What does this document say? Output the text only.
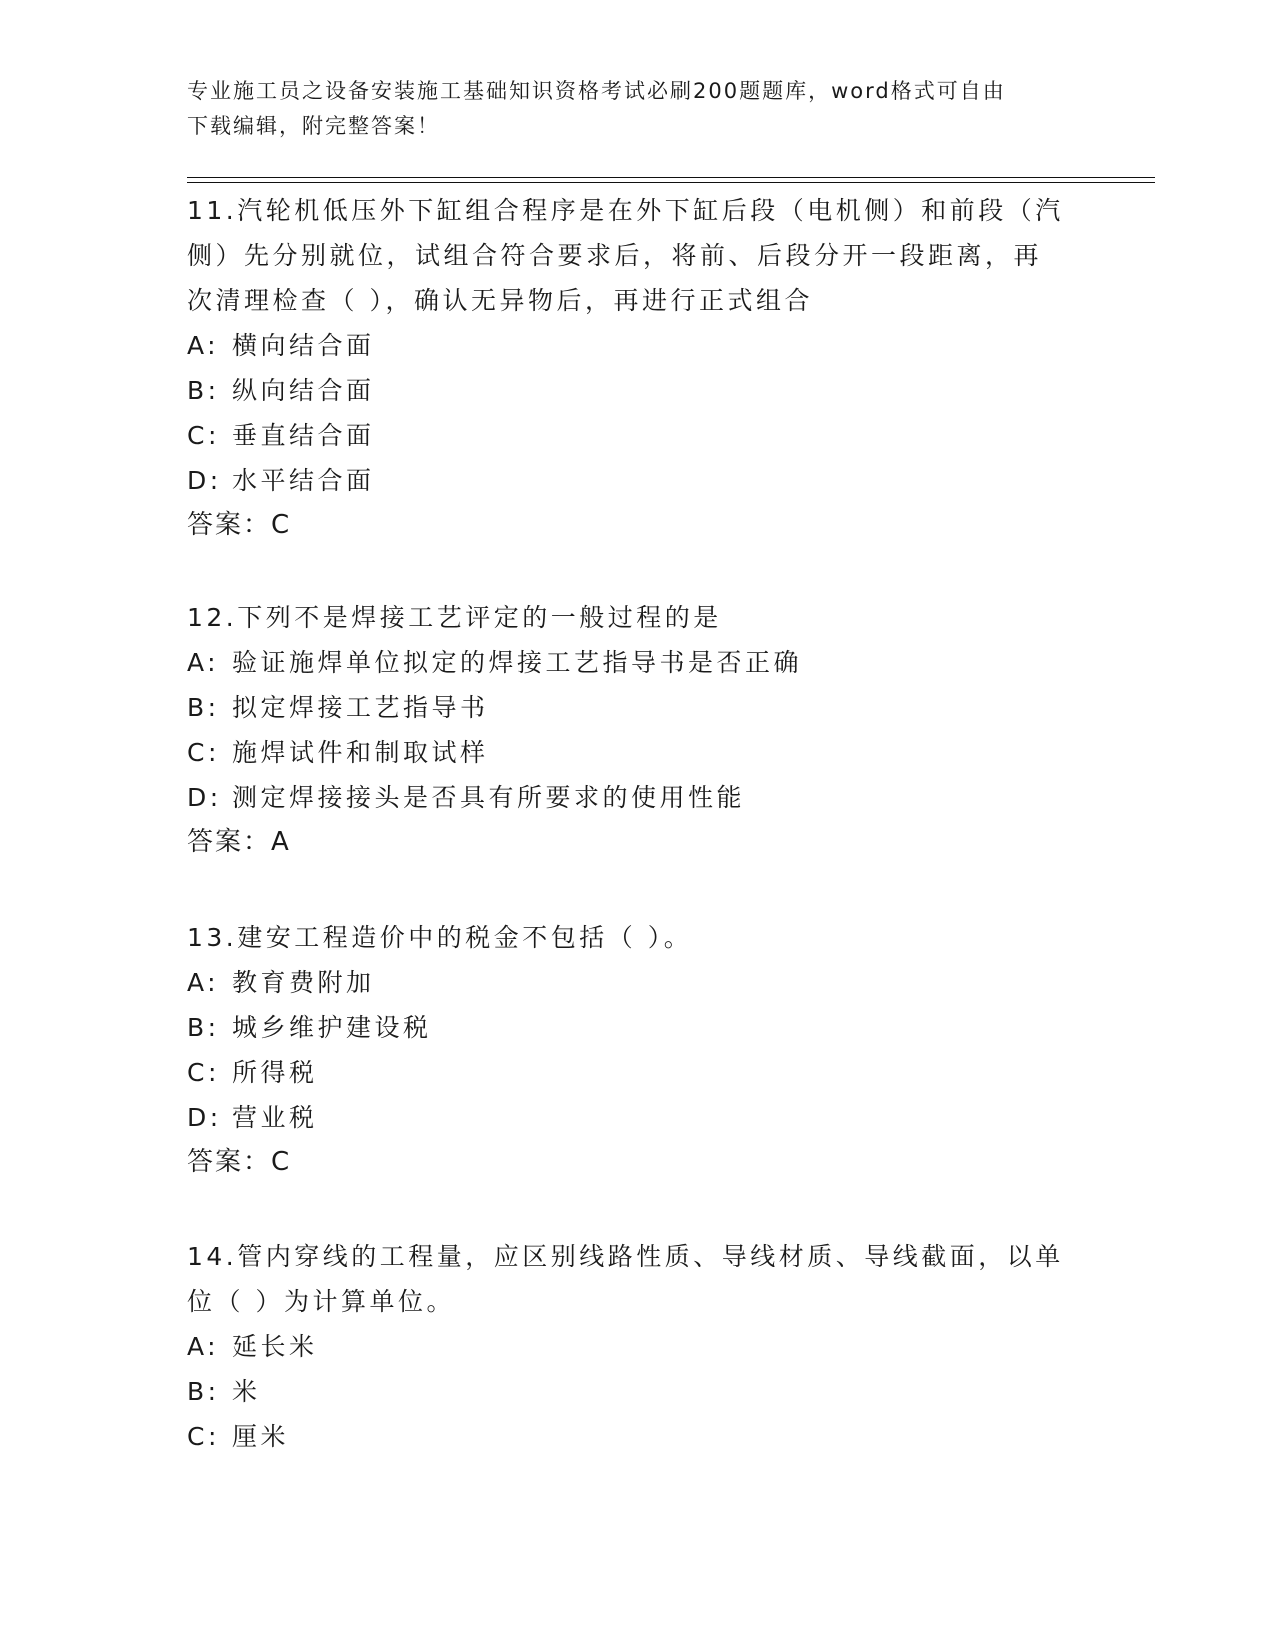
专业施工员之设备安装施工基础知识资格考试必刷200题题库，word格式可自由
下载编辑，附完整答案！
11.汽轮机低压外下缸组合程序是在外下缸后段（电机侧）和前段（汽
侧）先分别就位，试组合符合要求后，将前、后段分开一段距离，再
次清理检查（ ），确认无异物后，再进行正式组合
A: 横向结合面
B: 纵向结合面
C: 垂直结合面
D: 水平结合面
答案：C
12.下列不是焊接工艺评定的一般过程的是
A: 验证施焊单位拟定的焊接工艺指导书是否正确
B: 拟定焊接工艺指导书
C: 施焊试件和制取试样
D: 测定焊接接头是否具有所要求的使用性能
答案：A
13.建安工程造价中的税金不包括（ ）。
A: 教育费附加
B: 城乡维护建设税
C: 所得税
D: 营业税
答案：C
14.管内穿线的工程量，应区别线路性质、导线材质、导线截面，以单
位（ ）为计算单位。
A: 延长米
B: 米
C: 厘米
